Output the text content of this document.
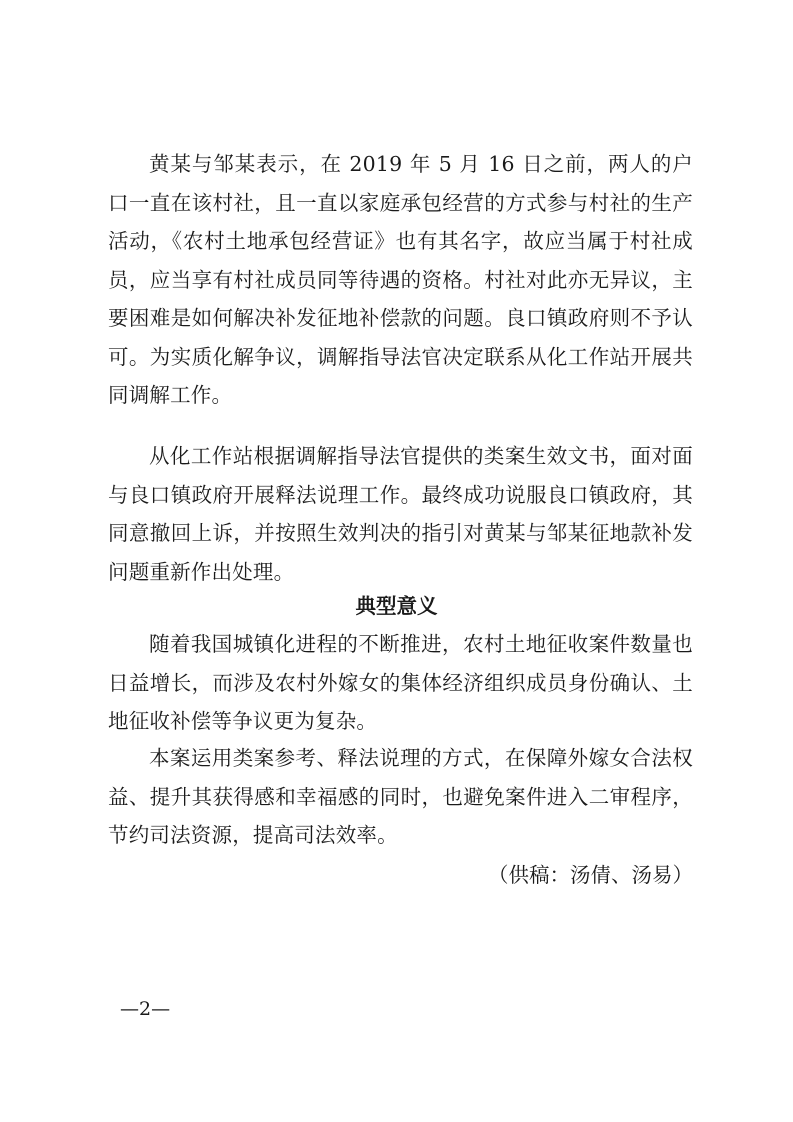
黄某与邹某表示，在 2019 年 5 月 16 日之前，两人的户口一直在该村社，且一直以家庭承包经营的方式参与村社的生产活动，《农村土地承包经营证》也有其名字，故应当属于村社成员，应当享有村社成员同等待遇的资格。村社对此亦无异议，主要困难是如何解决补发征地补偿款的问题。良口镇政府则不予认可。为实质化解争议，调解指导法官决定联系从化工作站开展共同调解工作。

从化工作站根据调解指导法官提供的类案生效文书，面对面与良口镇政府开展释法说理工作。最终成功说服良口镇政府，其同意撤回上诉，并按照生效判决的指引对黄某与邹某征地款补发问题重新作出处理。

典型意义

随着我国城镇化进程的不断推进，农村土地征收案件数量也日益增长，而涉及农村外嫁女的集体经济组织成员身份确认、土地征收补偿等争议更为复杂。

本案运用类案参考、释法说理的方式，在保障外嫁女合法权益、提升其获得感和幸福感的同时，也避免案件进入二审程序，节约司法资源，提高司法效率。

（供稿：汤倩、汤易）

—2—
